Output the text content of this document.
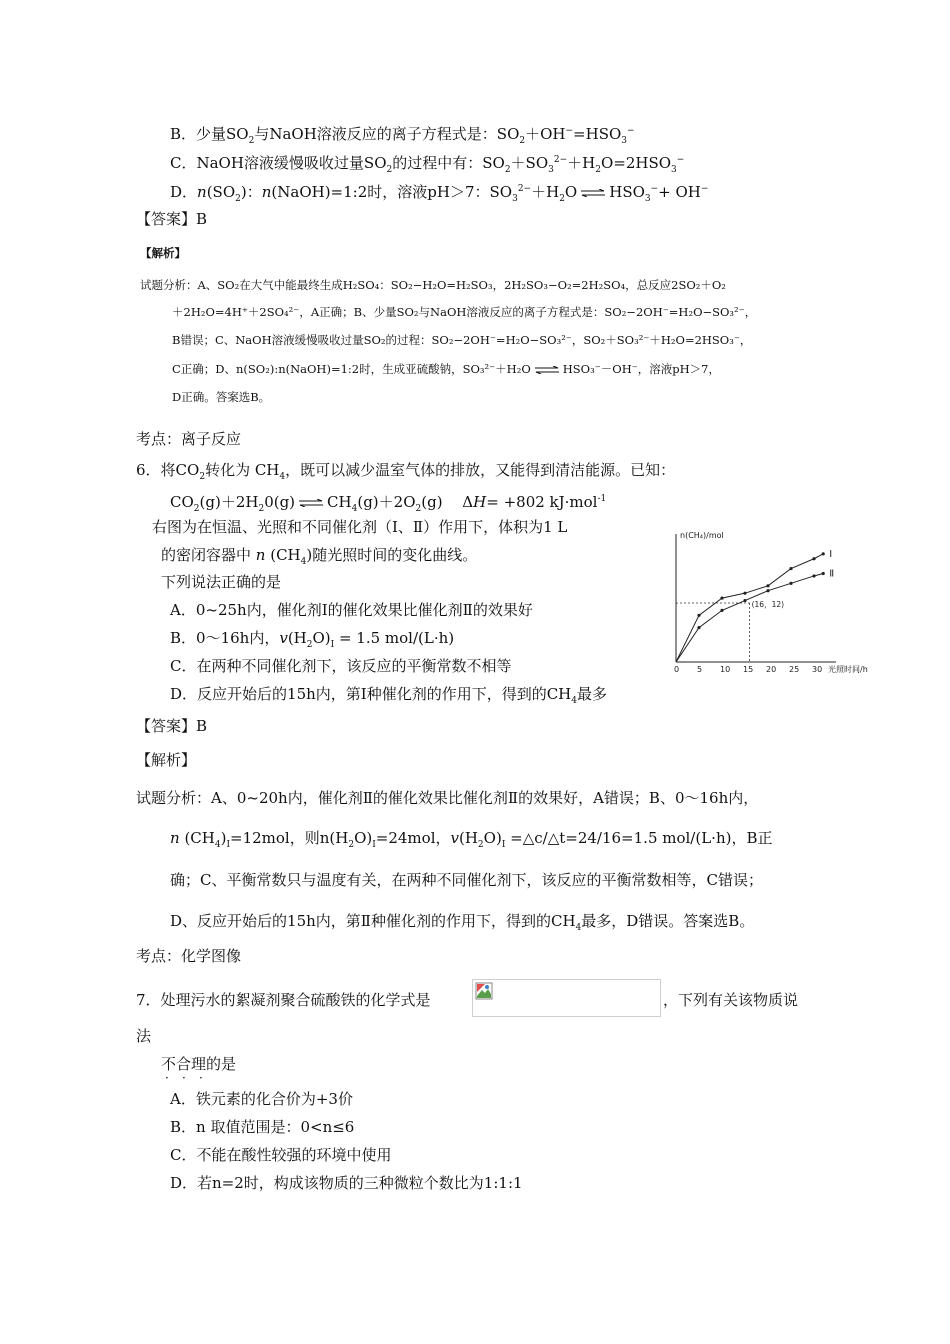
B．少量$SO_2$与NaOH溶液反应的离子方程式是：$SO_2+OH^-=HSO_3^-$
C．NaOH溶液缓慢吸收过量$SO_2$的过程中有：$SO_2+SO_3^{2-}+H_2O=2HSO_3^-$
D．$n(SO_2)$：n(NaOH)=1:2时，溶液pH＞7：$SO_3^{2-}+H_2O$ ⇌ $HSO_3^-+ OH^-$
【答案】B
【解析】
试题分析：A、SO₂在大气中能最终生成H₂SO₄：SO₂−H₂O=H₂SO₃，2H₂SO₃−O₂=2H₂SO₄，总反应2SO₂＋O₂
＋2H₂O=4H⁺＋2SO₄²⁻，A正确；B、少量SO₂与NaOH溶液反应的离子方程式是：SO₂−2OH⁻=H₂O−SO₃²⁻，
B错误；C、NaOH溶液缓慢吸收过量SO₂的过程：SO₂−2OH⁻=H₂O−SO₃²⁻，SO₂＋SO₃²⁻＋H₂O=2HSO₃⁻，
C正确；D、n(SO₂):n(NaOH)=1:2时，生成亚硫酸钠，SO₃²⁻＋H₂O ⇌ HSO₃⁻－OH⁻，溶液pH＞7，
D正确。答案选B。
考点：离子反应
6．将$CO_2$转化为 $CH_4$，既可以减少温室气体的排放，又能得到清洁能源。已知：
$CO_2(g)+2H_20(g)$ ⇌ $CH_4(g)+2O_2(g)$　 ΔH= +802 kJ·mol$^{-1}$
右图为在恒温、光照和不同催化剂（Ⅰ、Ⅱ）作用下，体积为1 L
的密闭容器中 n $(CH_4)$随光照时间的变化曲线。
下列说法正确的是
A．0~25h内，催化剂Ⅰ的催化效果比催化剂Ⅱ的效果好
B．0～16h内，$v(H_2O)_Ⅰ = 1.5$ mol/(L·h)
C．在两种不同催化剂下，该反应的平衡常数不相等
D．反应开始后的15h内，第Ⅰ种催化剂的作用下，得到的$CH_4$最多
n(CH₄)/mol
光照时间/h
0 5 10 15 20 25 30
(16，12)
Ⅰ
Ⅱ
【答案】B
【解析】
试题分析：A、0~20h内，催化剂Ⅱ的催化效果比催化剂Ⅱ的效果好，A错误；B、0～16h内，
n $(CH_4)_Ⅰ=12mol$，则$n(H_2O)_Ⅰ=24mol$，$v(H_2O)_Ⅰ$ =△c/△t=24/16=1.5 mol/(L·h)，B正
确；C、平衡常数只与温度有关，在两种不同催化剂下，该反应的平衡常数相等，C错误；
D、反应开始后的15h内，第Ⅱ种催化剂的作用下，得到的$CH_4$最多，D错误。答案选B。
考点：化学图像
7．处理污水的絮凝剂聚合硫酸铁的化学式是	，下列有关该物质说
法
不合理的是
· · ·
A．铁元素的化合价为+3价
B．n 取值范围是：0<n≤6
C．不能在酸性较强的环境中使用
D．若n=2时，构成该物质的三种微粒个数比为1:1:1
